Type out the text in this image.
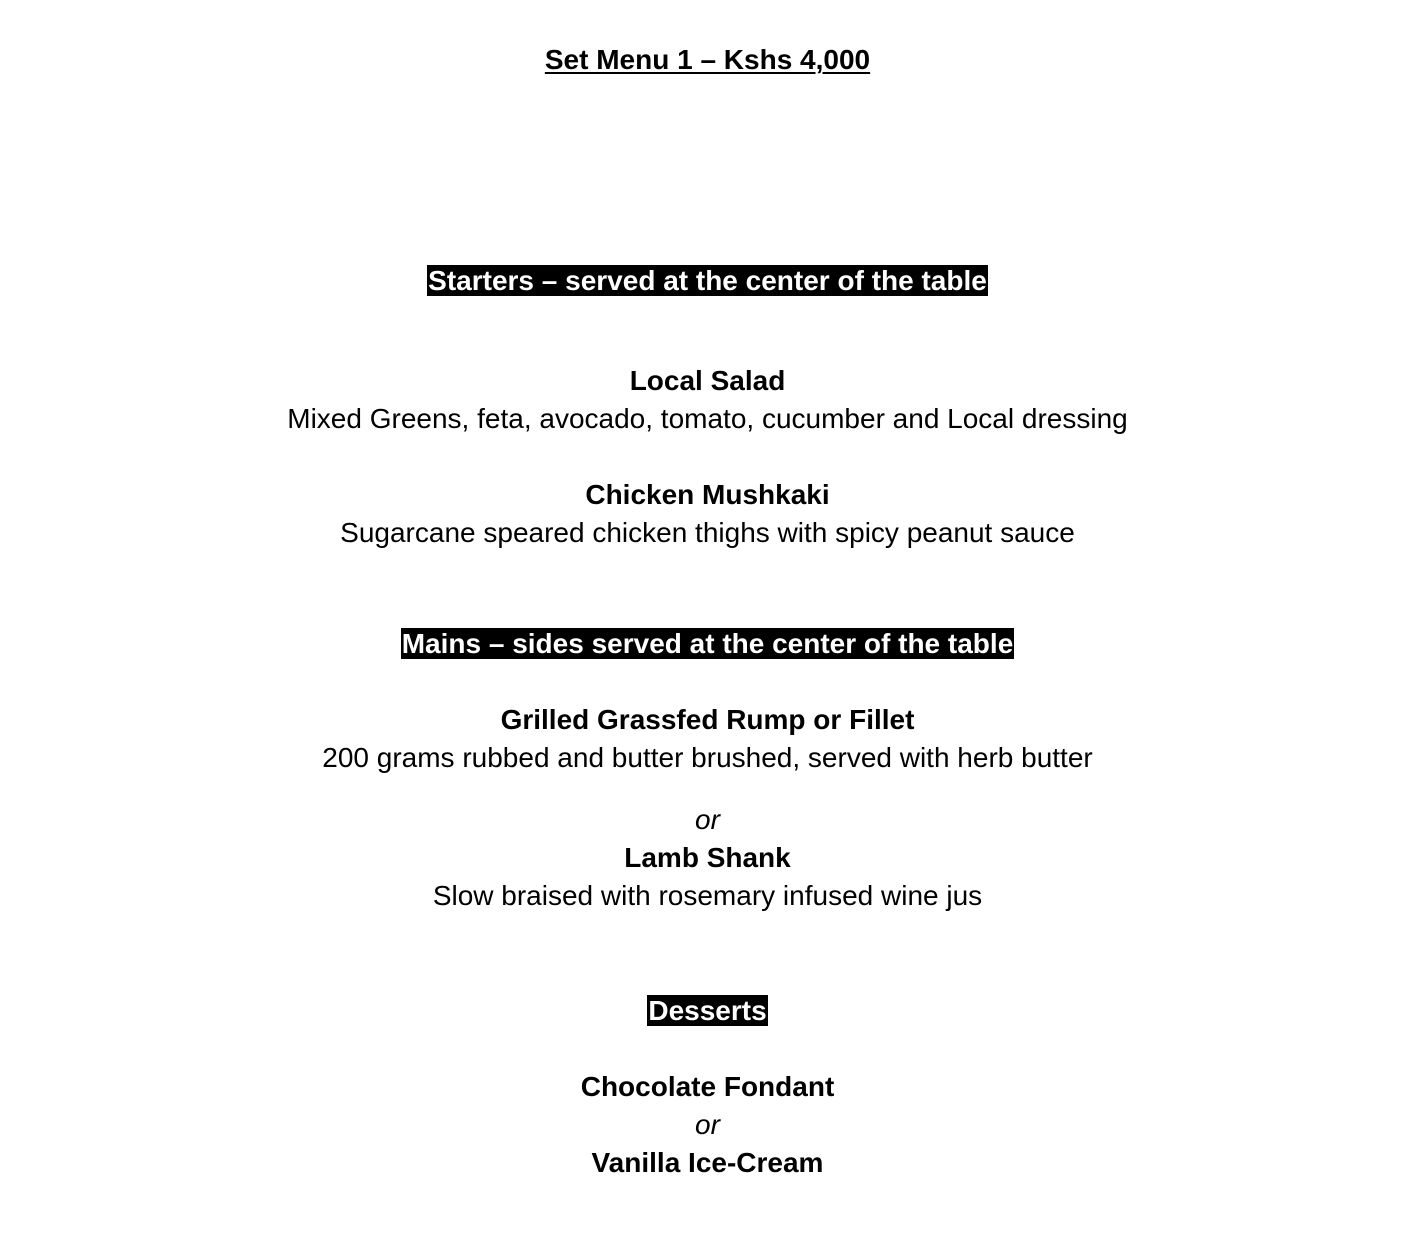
Set Menu 1 – Kshs 4,000
Starters – served at the center of the table
Local Salad
Mixed Greens, feta, avocado, tomato, cucumber and Local dressing
Chicken Mushkaki
Sugarcane speared chicken thighs with spicy peanut sauce
Mains – sides served at the center of the table
Grilled Grassfed Rump or Fillet
200 grams rubbed and butter brushed, served with herb butter
or
Lamb Shank
Slow braised with rosemary infused wine jus
Desserts
Chocolate Fondant
or
Vanilla Ice-Cream
